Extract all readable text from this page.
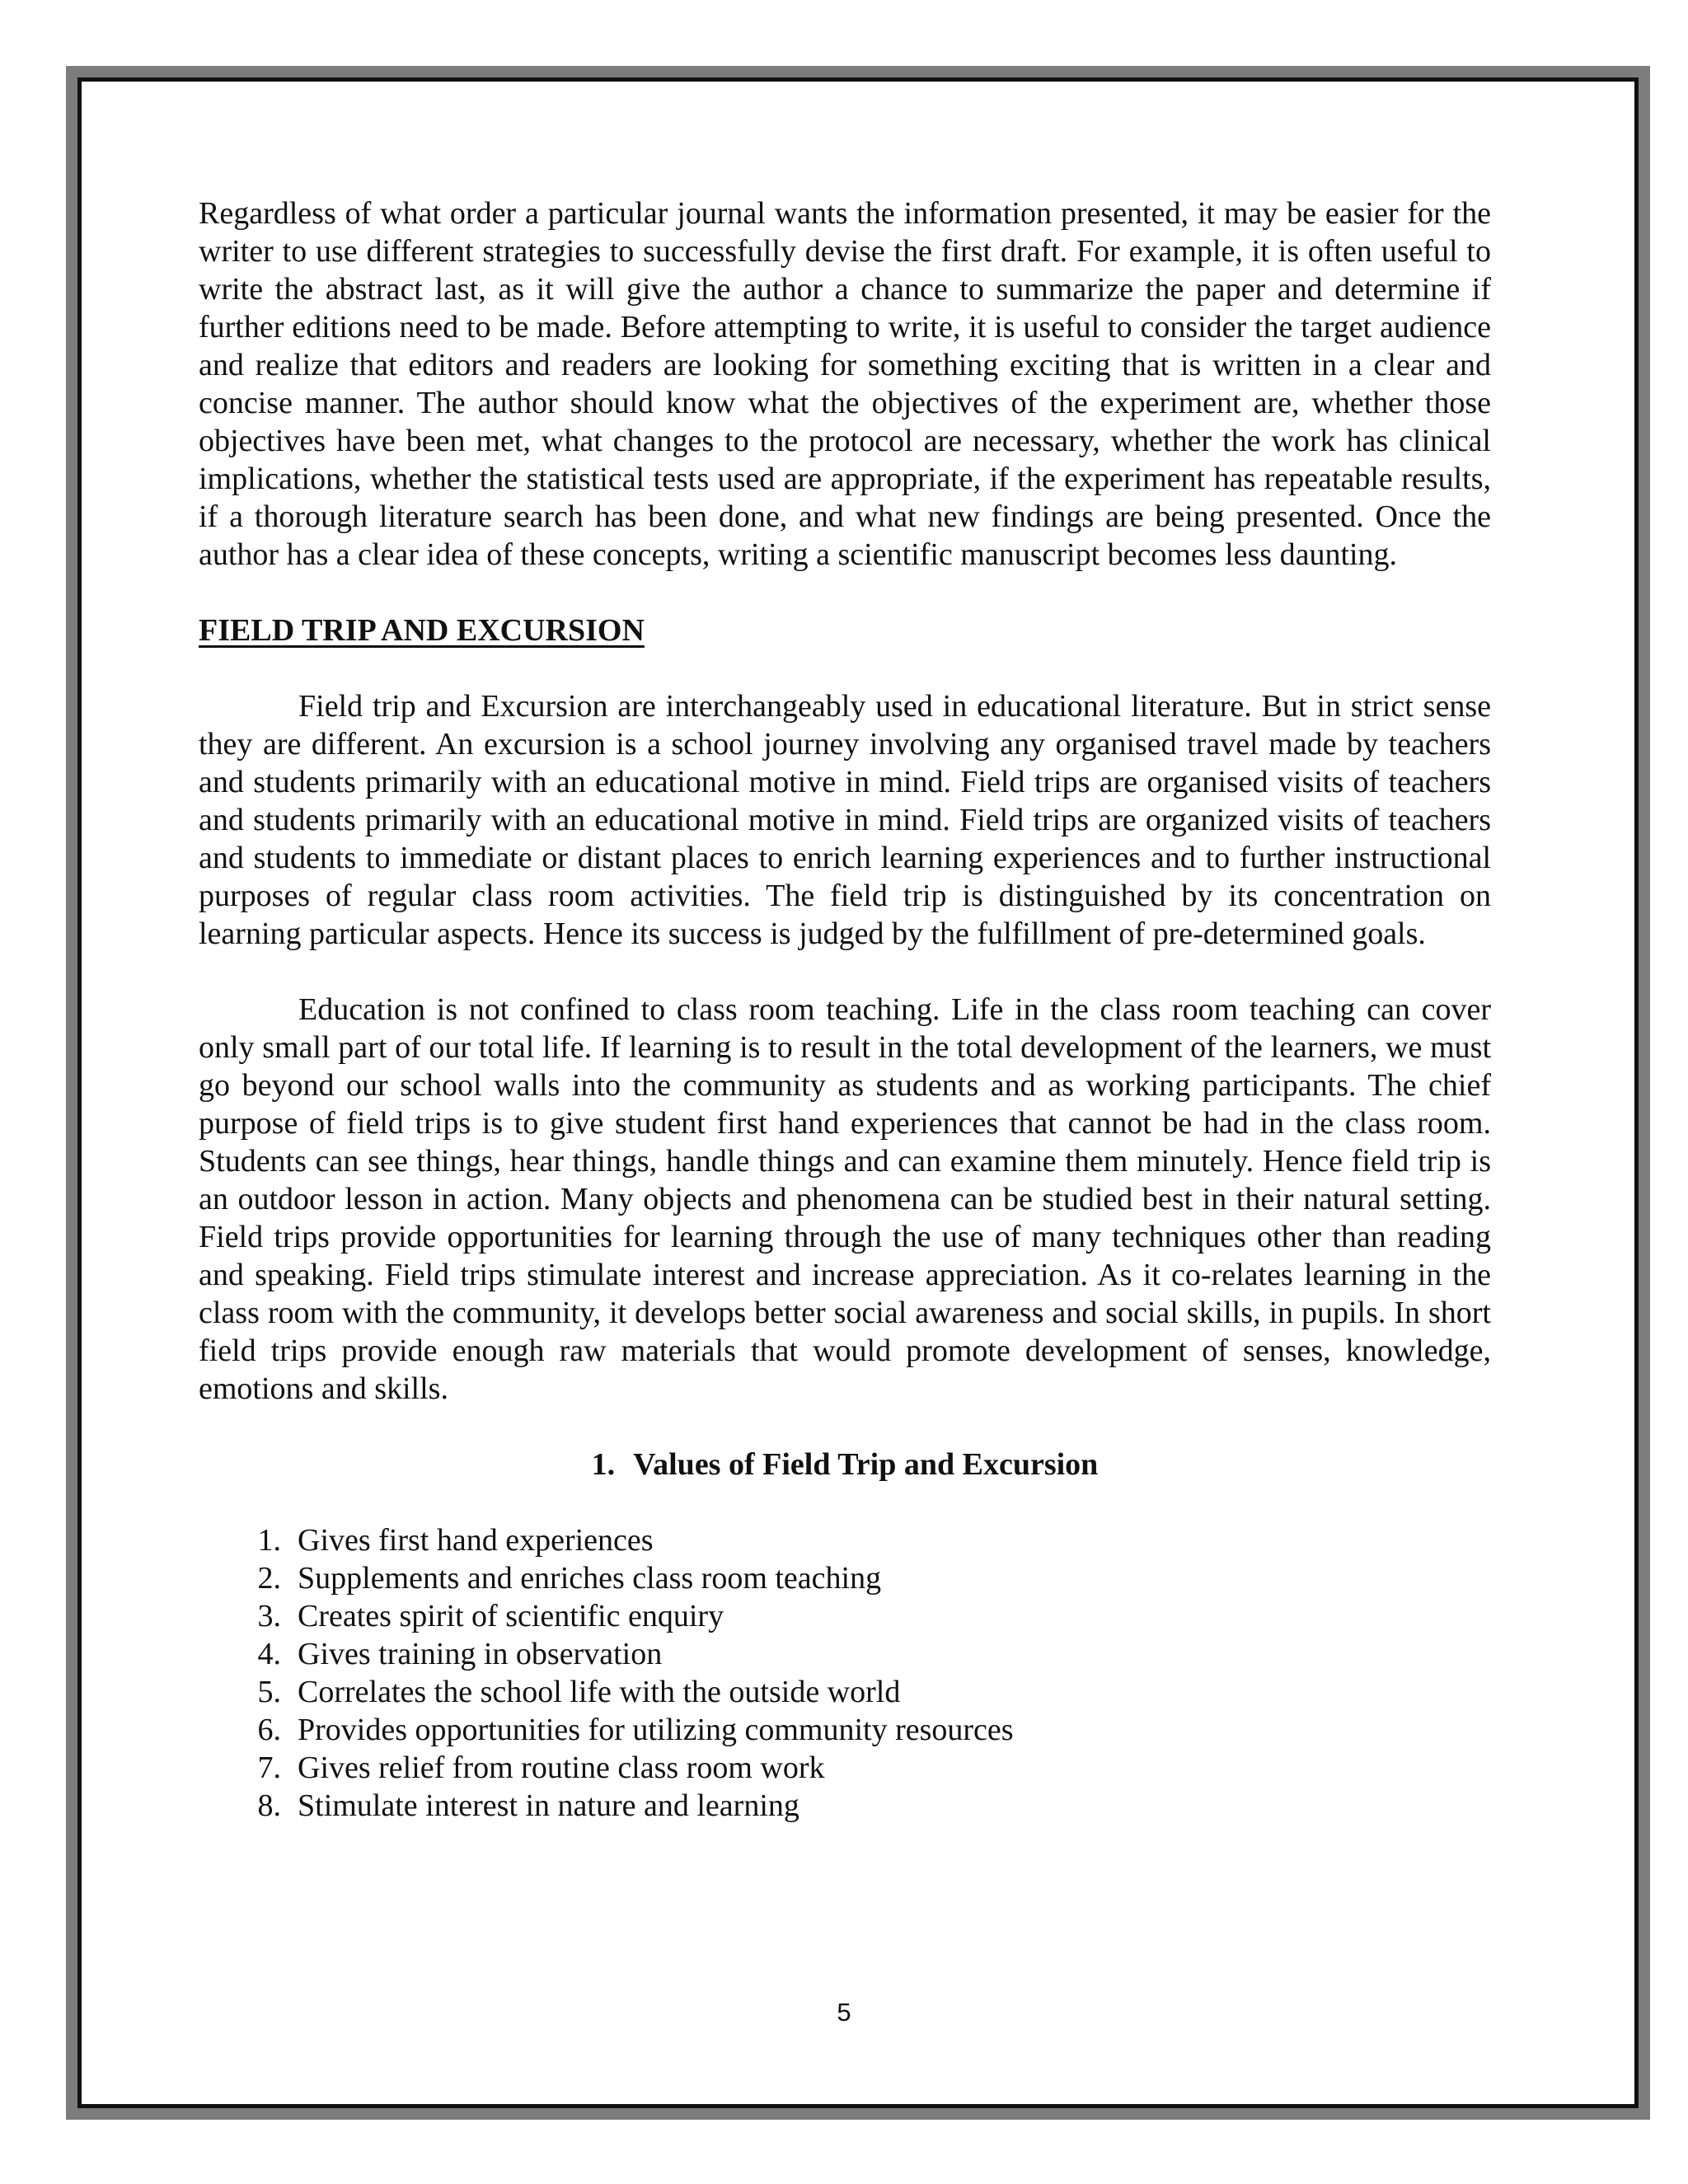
Regardless of what order a particular journal wants the information presented, it may be easier for the writer to use different strategies to successfully devise the first draft. For example, it is often useful to write the abstract last, as it will give the author a chance to summarize the paper and determine if further editions need to be made. Before attempting to write, it is useful to consider the target audience and realize that editors and readers are looking for something exciting that is written in a clear and concise manner. The author should know what the objectives of the experiment are, whether those objectives have been met, what changes to the protocol are necessary, whether the work has clinical implications, whether the statistical tests used are appropriate, if the experiment has repeatable results, if a thorough literature search has been done, and what new findings are being presented. Once the author has a clear idea of these concepts, writing a scientific manuscript becomes less daunting.

FIELD TRIP AND EXCURSION

Field trip and Excursion are interchangeably used in educational literature. But in strict sense they are different. An excursion is a school journey involving any organised travel made by teachers and students primarily with an educational motive in mind. Field trips are organised visits of teachers and students primarily with an educational motive in mind. Field trips are organized visits of teachers and students to immediate or distant places to enrich learning experiences and to further instructional purposes of regular class room activities. The field trip is distinguished by its concentration on learning particular aspects. Hence its success is judged by the fulfillment of pre-determined goals.

Education is not confined to class room teaching. Life in the class room teaching can cover only small part of our total life. If learning is to result in the total development of the learners, we must go beyond our school walls into the community as students and as working participants. The chief purpose of field trips is to give student first hand experiences that cannot be had in the class room. Students can see things, hear things, handle things and can examine them minutely. Hence field trip is an outdoor lesson in action. Many objects and phenomena can be studied best in their natural setting. Field trips provide opportunities for learning through the use of many techniques other than reading and speaking. Field trips stimulate interest and increase appreciation. As it co-relates learning in the class room with the community, it develops better social awareness and social skills, in pupils. In short field trips provide enough raw materials that would promote development of senses, knowledge, emotions and skills.

1. Values of Field Trip and Excursion
1. Gives first hand experiences
2. Supplements and enriches class room teaching
3. Creates spirit of scientific enquiry
4. Gives training in observation
5. Correlates the school life with the outside world
6. Provides opportunities for utilizing community resources
7. Gives relief from routine class room work
8. Stimulate interest in nature and learning
5
